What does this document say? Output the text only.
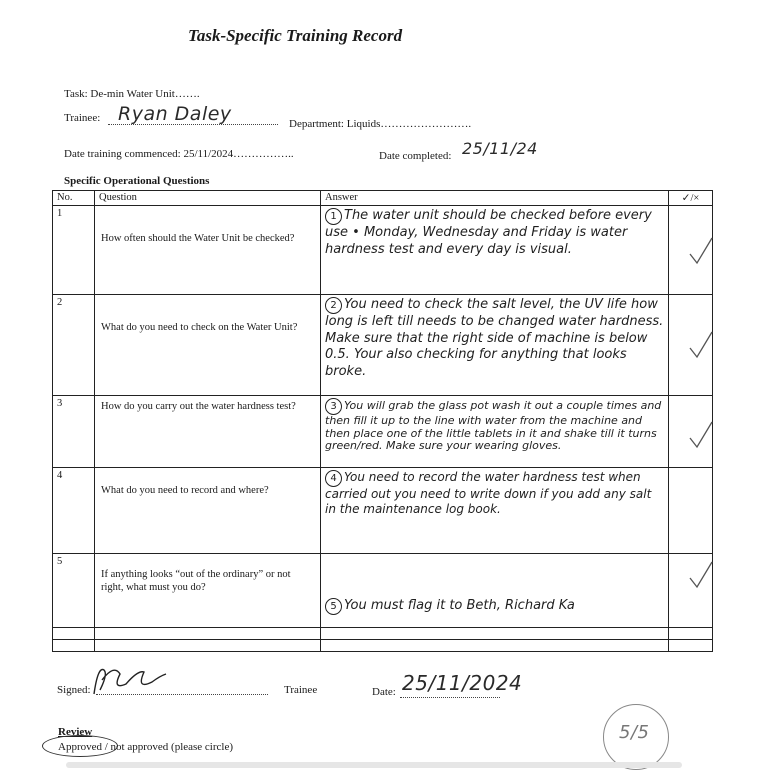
Task-Specific Training Record
Task: De-min Water Unit…….
Trainee: Ryan Daley	Department: Liquids…………………….
Date training commenced: 25/11/2024……………..	Date completed: 25/11/24
Specific Operational Questions
No.	Question	Answer	✓/×
1	How often should the Water Unit be checked?	1 The water unit should be checked before every use • Monday, Wednesday and Friday is water hardness test and every day is visual.	
2	What do you need to check on the Water Unit?	2 You need to check the salt level, the UV life how long is left till needs to be changed water hardness. Make sure that the right side of machine is below 0.5. Your also checking for anything that looks broke.	
3	How do you carry out the water hardness test?	3 You will grab the glass pot wash it out a couple times and then fill it up to the line with water from the machine and then place one of the little tablets in it and shake till it turns green/red. Make sure your wearing gloves.	
4	What do you need to record and where?	4 You need to record the water hardness test when carried out you need to write down if you add any salt in the maintenance log book.	
5	If anything looks “out of the ordinary” or not right, what must you do?	5 You must flag it to Beth, Richard Ka	

Signed:	Trainee	Date: 25/11/2024
Review
Approved / not approved (please circle)
5/5
